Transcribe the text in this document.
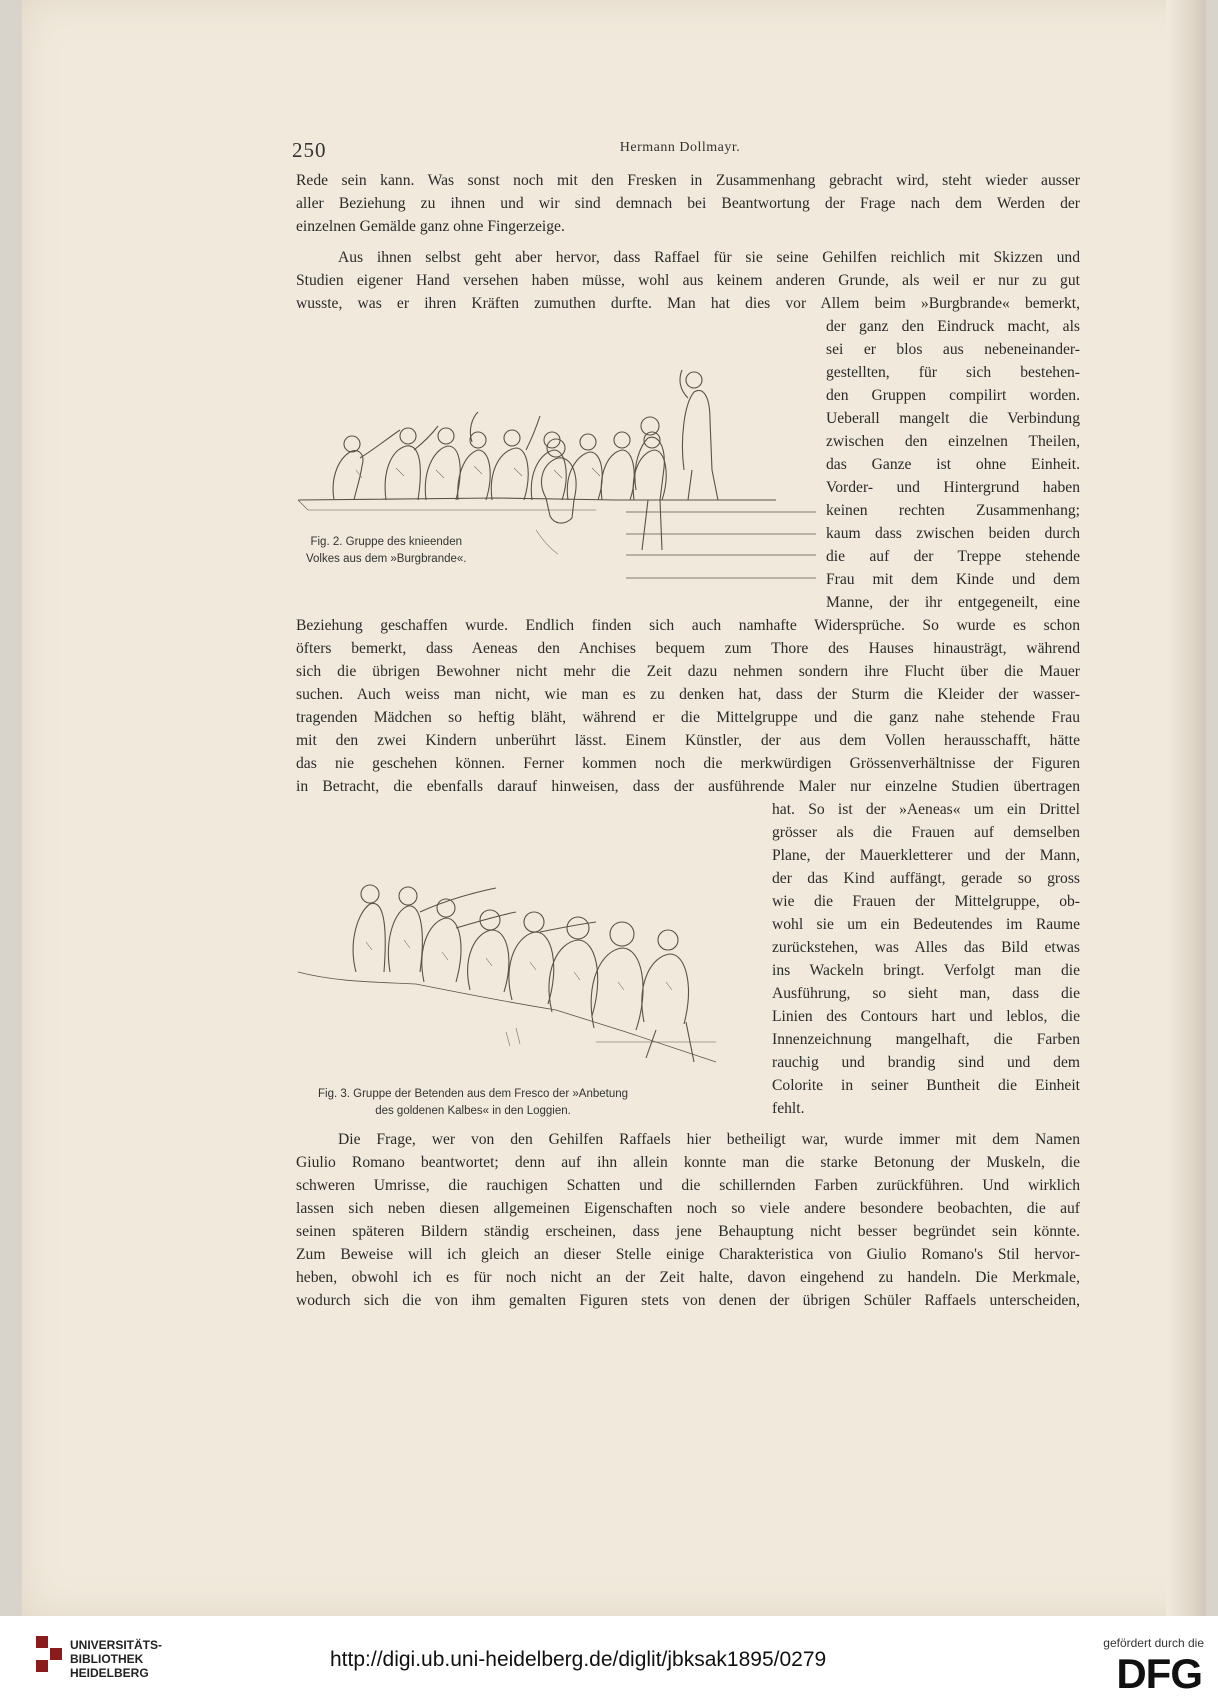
250	Hermann Dollmayr.
Rede sein kann. Was sonst noch mit den Fresken in Zusammenhang gebracht wird, steht wieder ausser
aller Beziehung zu ihnen und wir sind demnach bei Beantwortung der Frage nach dem Werden der
einzelnen Gemälde ganz ohne Fingerzeige.
Aus ihnen selbst geht aber hervor, dass Raffael für sie seine Gehilfen reichlich mit Skizzen und
Studien eigener Hand versehen haben müsse, wohl aus keinem anderen Grunde, als weil er nur zu gut
wusste, was er ihren Kräften zumuthen durfte. Man hat dies vor Allem beim »Burgbrande« bemerkt,
der ganz den Eindruck macht, als
sei er blos aus nebeneinander-
gestellten, für sich bestehen-
den Gruppen compilirt worden.
Ueberall mangelt die Verbindung
zwischen den einzelnen Theilen,
das Ganze ist ohne Einheit.
Vorder- und Hintergrund haben
keinen rechten Zusammenhang;
kaum dass zwischen beiden durch
die auf der Treppe stehende
Frau mit dem Kinde und dem
Manne, der ihr entgegeneilt, eine
Beziehung geschaffen wurde. Endlich finden sich auch namhafte Widersprüche. So wurde es schon
öfters bemerkt, dass Aeneas den Anchises bequem zum Thore des Hauses hinausträgt, während
sich die übrigen Bewohner nicht mehr die Zeit dazu nehmen sondern ihre Flucht über die Mauer
suchen. Auch weiss man nicht, wie man es zu denken hat, dass der Sturm die Kleider der wasser-
tragenden Mädchen so heftig bläht, während er die Mittelgruppe und die ganz nahe stehende Frau
mit den zwei Kindern unberührt lässt. Einem Künstler, der aus dem Vollen herausschafft, hätte
das nie geschehen können. Ferner kommen noch die merkwürdigen Grössenverhältnisse der Figuren
in Betracht, die ebenfalls darauf hinweisen, dass der ausführende Maler nur einzelne Studien übertragen
hat. So ist der »Aeneas« um ein Drittel
grösser als die Frauen auf demselben
Plane, der Mauerkletterer und der Mann,
der das Kind auffängt, gerade so gross
wie die Frauen der Mittelgruppe, ob-
wohl sie um ein Bedeutendes im Raume
zurückstehen, was Alles das Bild etwas
ins Wackeln bringt. Verfolgt man die
Ausführung, so sieht man, dass die
Linien des Contours hart und leblos, die
Innenzeichnung mangelhaft, die Farben
rauchig und brandig sind und dem
Colorite in seiner Buntheit die Einheit
fehlt.
Die Frage, wer von den Gehilfen Raffaels hier betheiligt war, wurde immer mit dem Namen
Giulio Romano beantwortet; denn auf ihn allein konnte man die starke Betonung der Muskeln, die
schweren Umrisse, die rauchigen Schatten und die schillernden Farben zurückführen. Und wirklich
lassen sich neben diesen allgemeinen Eigenschaften noch so viele andere besondere beobachten, die auf
seinen späteren Bildern ständig erscheinen, dass jene Behauptung nicht besser begründet sein könnte.
Zum Beweise will ich gleich an dieser Stelle einige Charakteristica von Giulio Romano's Stil hervor-
heben, obwohl ich es für noch nicht an der Zeit halte, davon eingehend zu handeln. Die Merkmale,
wodurch sich die von ihm gemalten Figuren stets von denen der übrigen Schüler Raffaels unterscheiden,
Fig. 2. Gruppe des knieenden
Volkes aus dem »Burgbrande«.
Fig. 3. Gruppe der Betenden aus dem Fresco der »Anbetung
des goldenen Kalbes« in den Loggien.
UNIVERSITÄTS-
BIBLIOTHEK
HEIDELBERG
http://digi.ub.uni-heidelberg.de/diglit/jbksak1895/0279
gefördert durch die
DFG
